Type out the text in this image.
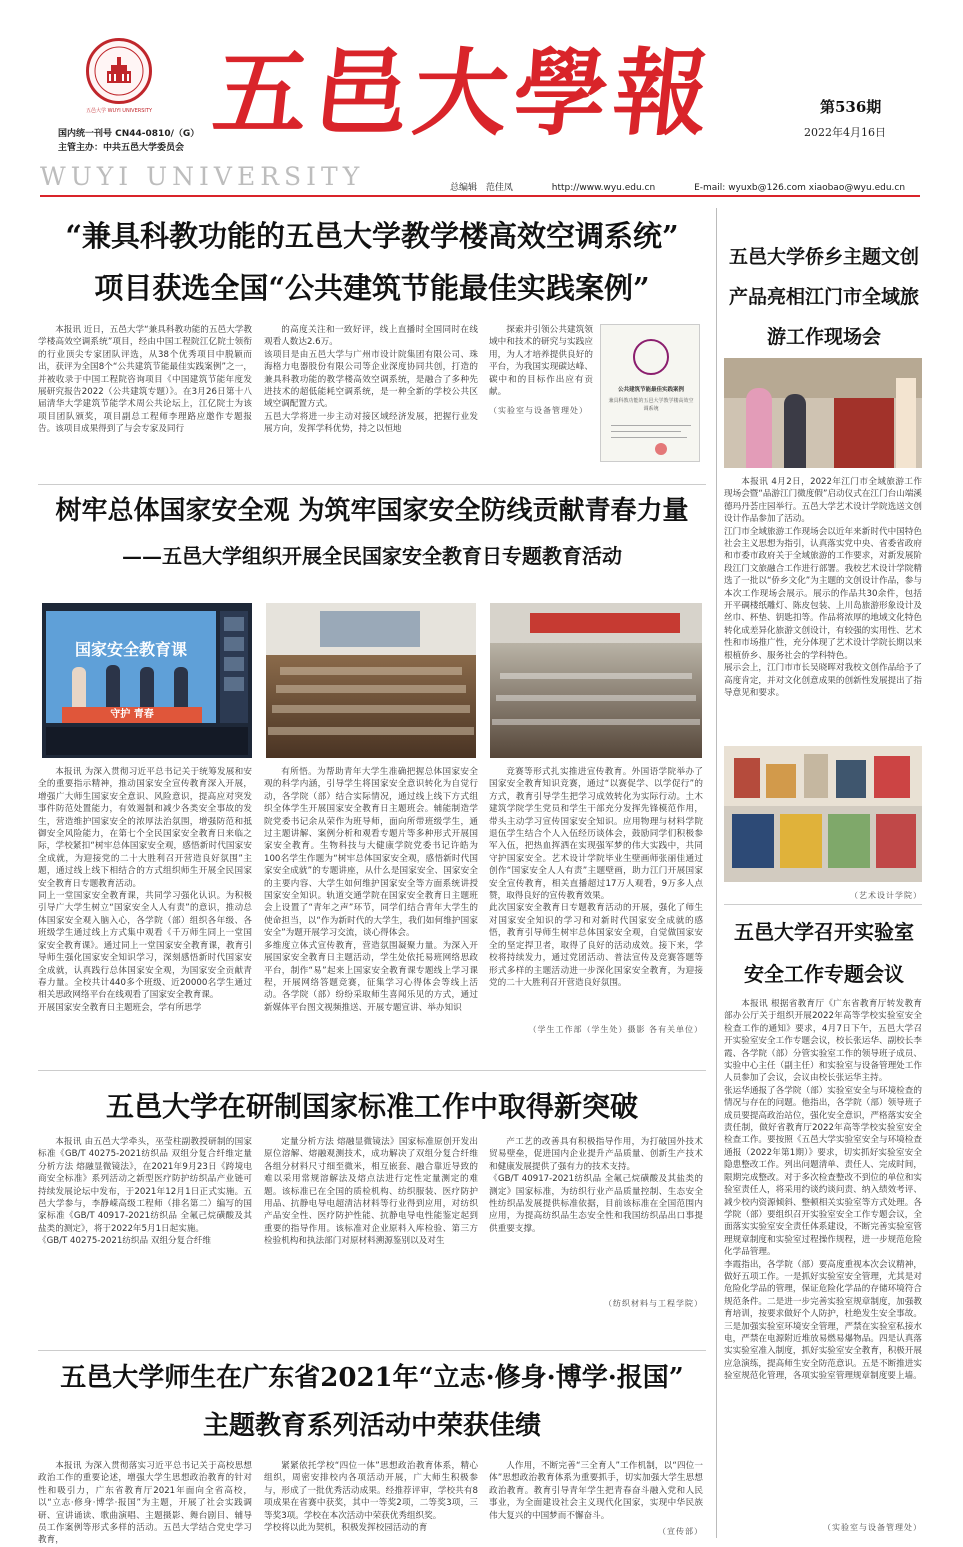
五邑大学 WUYI UNIVERSITY 五邑大學報	第536期
2022年4月16日
国内统一刊号 CN44-0810/（G）
主管主办：中共五邑大学委员会
WUYI UNIVERSITY	总编辑 范佳凤	http://www.wyu.edu.cn	E-mail: wyuxb@126.com xiaobao@wyu.edu.cn
“兼具科教功能的五邑大学教学楼高效空调系统”
项目获选全国“公共建筑节能最佳实践案例”
本报讯 近日，五邑大学“兼具科教功能的五邑大学教学楼高效空调系统”项目，经由中国工程院江亿院士领衔的行业顶尖专家团队评选，从38个优秀项目中脱颖而出，获评为全国8个“公共建筑节能最佳实践案例”之一，并被收录于中国工程院咨询项目《中国建筑节能年度发展研究报告2022（公共建筑专题）》。在3月26日第十八届清华大学建筑节能学术周公共论坛上，江亿院士为该项目团队颁奖，项目副总工程师李理路应邀作专题报告。该项目成果得到了与会专家及同行
的高度关注和一致好评，线上直播时全国同时在线观看人数达2.6万。
该项目是由五邑大学与广州市设计院集团有限公司、珠海格力电器股份有限公司等企业深度协同共创，打造的兼具科教功能的教学楼高效空调系统，是融合了多种先进技术的超低能耗空调系统，是一种全新的学校公共区域空调配置方式。
五邑大学将进一步主动对接区域经济发展，把握行业发展方向，发挥学科优势，持之以恒地
探索并引领公共建筑领域中和技术的研究与实践应用，为人才培养提供良好的平台，为我国实现碳达峰、碳中和的目标作出应有贡献。
（实验室与设备管理处）
公共建筑节能最佳实践案例
兼具科教功能的五邑大学教学楼高效空调系统
树牢总体国家安全观 为筑牢国家安全防线贡献青春力量
——五邑大学组织开展全民国家安全教育日专题教育活动
国家安全教育课
守护 青春
本报讯 为深入贯彻习近平总书记关于统筹发展和安全的重要指示精神，推动国家安全宣传教育深入开展，增强广大师生国家安全意识、风险意识，提高应对突发事件防范处置能力，有效遏制和减少各类安全事故的发生，营造维护国家安全的浓厚法治氛围，增强防范和抵御安全风险能力，在第七个全民国家安全教育日来临之际，学校紧扣“树牢总体国家安全观，感悟新时代国家安全成就，为迎接党的二十大胜利召开营造良好氛围”主题，通过线上线下相结合的方式组织师生开展全民国家安全教育日专题教育活动。
同上一堂国家安全教育课，共同学习强化认识。为积极引导广大学生树立“国家安全人人有责”的意识，推动总体国家安全观入脑入心，各学院（部）组织各年级、各班级学生通过线上方式集中观看《千万师生同上一堂国家安全教育课》。通过同上一堂国家安全教育课，教育引导师生强化国家安全知识学习，深刻感悟新时代国家安全成就，认真践行总体国家安全观，为国家安全贡献青春力量。全校共计440多个班级、近20000名学生通过相关思政网络平台在线观看了国家安全教育课。
开展国家安全教育日主题班会，学有所思学
有所悟。为帮助青年大学生准确把握总体国家安全观的科学内涵，引导学生将国家安全意识转化为自觉行动，各学院（部）结合实际情况，通过线上线下方式组织全体学生开展国家安全教育日主题班会。辅能制造学院党委书记余从荣作为班导师，面向所带班级学生，通过主题讲解、案例分析和观看专题片等多种形式开展国家安全教育。生物科技与大健康学院党委书记许皓为100名学生作题为“树牢总体国家安全观，感悟新时代国家安全成就”的专题讲座，从什么是国家安全、国家安全的主要内容、大学生如何维护国家安全等方面系统讲授国家安全知识。轨道交通学院在国家安全教育日主题班会上设置了“青年之声”环节，同学们结合青年大学生的使命担当，以“作为新时代的大学生，我们如何维护国家安全”为题开展学习交流，谈心得体会。
多维度立体式宣传教育，营造氛围凝聚力量。为深入开展国家安全教育日主题活动，学生处依托易班网络思政平台，制作“易”起来上国家安全教育课专题线上学习课程，开展网络答题竞赛，征集学习心得体会等线上活动。各学院（部）纷纷采取师生喜闻乐见的方式，通过新媒体平台图文视频推送、开展专题宣讲、举办知识
竞赛等形式扎实推进宣传教育。外国语学院举办了国家安全教育知识竞赛，通过“以赛促学、以学促行”的方式，教育引导学生把学习成效转化为实际行动。土木建筑学院学生党员和学生干部充分发挥先锋模范作用，带头主动学习宣传国家安全知识。应用物理与材料学院退伍学生结合个人入伍经历谈体会，鼓励同学们积极参军入伍，把热血挥洒在实现强军梦的伟大实践中，共同守护国家安全。艺术设计学院毕业生壁画师张丽佳通过创作“国家安全人人有责”主题壁画，助力江门开展国家安全宣传教育，相关直播超过17万人观看，9万多人点赞，取得良好的宣传教育效果。
此次国家安全教育日专题教育活动的开展，强化了师生对国家安全知识的学习和对新时代国家安全成就的感悟，教育引导师生树牢总体国家安全观，自觉做国家安全的坚定捍卫者，取得了良好的活动成效。接下来，学校将持续发力，通过党团活动、普法宣传及竞赛答题等形式多样的主题活动进一步深化国家安全教育，为迎接党的二十大胜利召开营造良好氛围。
（学生工作部（学生处）摄影 各有关单位）
五邑大学在研制国家标准工作中取得新突破
本报讯 由五邑大学牵头，巫莹柱副教授研制的国家标准《GB/T 40275-2021纺织品 双组分复合纤维定量分析方法 熔融显微镜法》，在2021年9月23日《跨境电商安全标准》系列活动之新型医疗防护纺织品产业链可持续发展论坛中发布，于2021年12月1日正式实施。五邑大学参与，李静嵘高级工程师（排名第二）编写的国家标准《GB/T 40917-2021纺织品 全氟己烷磺酸及其盐类的测定》，将于2022年5月1日起实施。
《GB/T 40275-2021纺织品 双组分复合纤维
定量分析方法 熔融显微镜法》国家标准原创开发出原位溶解、熔融观测技术，成功解决了双组分复合纤维各组分材料尺寸细至微米，相互嵌套、融合靠近导致的难以采用常规溶解法及熔点法进行定性定量测定的难题。该标准已在全国的质检机构、纺织服装、医疗防护用品、抗静电导电超清洁材料等行业得到应用，对纺织产品安全性、医疗防护性能、抗静电导电性能鉴定起到重要的指导作用。该标准对企业原料入库检验、第三方检验机构和执法部门对原材料溯源鉴别以及对生
产工艺的改善具有积极指导作用，为打破国外技术贸易壁垒，促进国内企业提升产品质量、创新生产技术和健康发展提供了强有力的技术支持。
《GB/T 40917-2021纺织品 全氟己烷磺酸及其盐类的测定》国家标准，为纺织行业产品质量控制、生态安全性纺织品发展提供标准依据，目前该标准在全国范围内应用，为提高纺织品生态安全性和我国纺织品出口事提供重要支撑。
（纺织材料与工程学院）
五邑大学师生在广东省2021年“立志·修身·博学·报国”
主题教育系列活动中荣获佳绩
本报讯 为深入贯彻落实习近平总书记关于高校思想政治工作的重要论述，增强大学生思想政治教育的针对性和吸引力，广东省教育厅2021年面向全省高校，以“立志·修身·博学·报国”为主题，开展了社会实践调研、宣讲诵读、歌曲演唱、主题摄影、舞台剧目、辅导员工作案例等形式多样的活动。五邑大学结合党史学习教育，
紧紧依托学校“四位一体”思想政治教育体系，精心组织，周密安排校内各项活动开展，广大师生积极参与，形成了一批优秀活动成果。经推荐评审，学校共有8项成果在省赛中获奖，其中一等奖2项，二等奖3项，三等奖3项。学校在本次活动中荣获优秀组织奖。
学校将以此为契机，积极发挥校园活动的育
人作用，不断完善“三全育人”工作机制，以“四位一体”思想政治教育体系为重要抓手，切实加强大学生思想政治教育。教育引导青年学生把青春奋斗融入党和人民事业，为全面建设社会主义现代化国家，实现中华民族伟大复兴的中国梦而不懈奋斗。
（宣传部）
五邑大学侨乡主题文创
产品亮相江门市全域旅
游工作现场会
本报讯 4月2日，2022年江门市全域旅游工作现场会暨“品游江门微度假”启动仪式在江门台山端溪德玛丹荟庄园举行。五邑大学艺术设计学院选送文创设计作品参加了活动。
江门市全域旅游工作现场会以近年来新时代中国特色社会主义思想为指引，认真落实党中央、省委省政府和市委市政府关于全域旅游的工作要求，对新发展阶段江门文旅融合工作进行部署。我校艺术设计学院精选了一批以“侨乡文化”为主题的文创设计作品，参与本次工作现场会展示。展示的作品共30余件，包括开平碉楼纸雕灯、陈皮包装、上川岛旅游形象设计及丝巾、杯垫、钥匙扣等。作品将浓厚的地域文化特色转化成差异化旅游文创设计，有较强的实用性、艺术性和市场推广性，充分体现了艺术设计学院长期以来根植侨乡、服务社会的学科特色。
展示会上，江门市市长吴晓晖对我校文创作品给予了高度肯定，并对文化创意成果的创新性发展提出了指导意见和要求。
（艺术设计学院）
五邑大学召开实验室
安全工作专题会议
本报讯 根据省教育厅《广东省教育厅转发教育部办公厅关于组织开展2022年高等学校实验室安全检查工作的通知》要求，4月7日下午，五邑大学召开实验室安全工作专题会议，校长张运华、副校长李霞、各学院（部）分管实验室工作的领导班子成员、实验中心主任（副主任）和实验室与设备管理处工作人员参加了会议，会议由校长张运华主持。
张运华通报了各学院（部）实验室安全与环境检查的情况与存在的问题。他指出，各学院（部）领导班子成员要提高政治站位，强化安全意识，严格落实安全责任制，做好省教育厅2022年高等学校实验室安全检查工作。要按照《五邑大学实验室安全与环境检查通报（2022年第1期）》要求，切实抓好实验室安全隐患整改工作。列出问题清单、责任人、完成时间，限期完成整改。对于多次检查整改不到位的单位和实验室责任人，将采用约谈约谈问责、纳入绩效考评、减少校内资源倾斜、整顿相关实验室等方式处理。各学院（部）要组织召开实验室安全工作专题会议，全面落实实验室安全责任体系建设，不断完善实验室管理规章制度和实验室过程操作规程，进一步规范危险化学品管理。
李霞指出，各学院（部）要高度重视本次会议精神，做好五项工作。一是抓好实验室安全管理，尤其是对危险化学品的管理，保证危险化学品的存储环境符合规范条件。二是进一步完善实验室规章制度，加强教育培训，按要求做好个人防护，杜绝发生安全事故。三是加强实验室环境安全管理，严禁在实验室私接水电，严禁在电源附近堆放易燃易爆物品。四是认真落实实验室准入制度，抓好实验室安全教育，积极开展应急演练，提高师生安全防范意识。五是不断推进实验室规范化管理，各项实验室管理规章制度要上墙。
（实验室与设备管理处）
